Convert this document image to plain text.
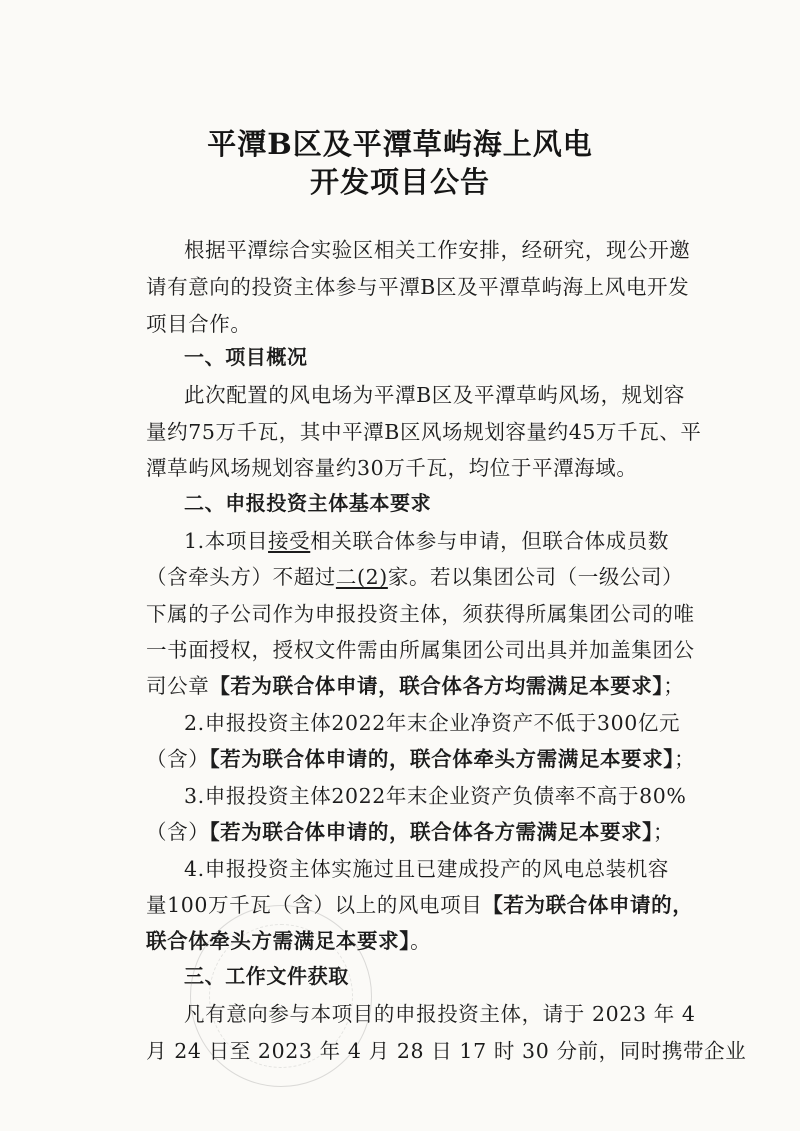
平潭B区及平潭草屿海上风电
开发项目公告
根据平潭综合实验区相关工作安排，经研究，现公开邀
请有意向的投资主体参与平潭B区及平潭草屿海上风电开发
项目合作。
一、项目概况
此次配置的风电场为平潭B区及平潭草屿风场，规划容
量约75万千瓦，其中平潭B区风场规划容量约45万千瓦、平
潭草屿风场规划容量约30万千瓦，均位于平潭海域。
二、申报投资主体基本要求
1.本项目接受相关联合体参与申请，但联合体成员数
（含牵头方）不超过二(2)家。若以集团公司（一级公司）
下属的子公司作为申报投资主体，须获得所属集团公司的唯
一书面授权，授权文件需由所属集团公司出具并加盖集团公
司公章【若为联合体申请，联合体各方均需满足本要求】；
2.申报投资主体2022年末企业净资产不低于300亿元
（含）【若为联合体申请的，联合体牵头方需满足本要求】；
3.申报投资主体2022年末企业资产负债率不高于80%
（含）【若为联合体申请的，联合体各方需满足本要求】；
4.申报投资主体实施过且已建成投产的风电总装机容
量100万千瓦（含）以上的风电项目【若为联合体申请的，
联合体牵头方需满足本要求】。
三、工作文件获取
凡有意向参与本项目的申报投资主体，请于 2023 年 4
月 24 日至 2023 年 4 月 28 日 17 时 30 分前，同时携带企业
